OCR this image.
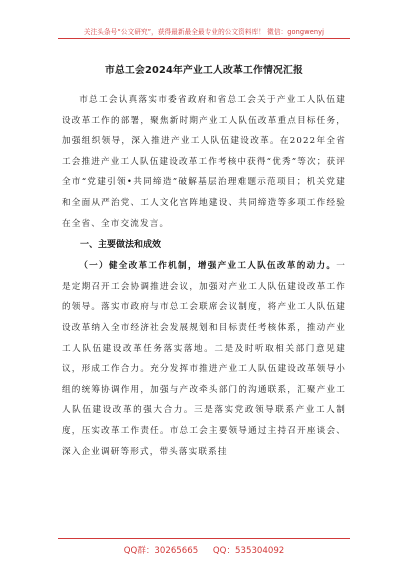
关注头条号“公文研究”，获得最新最全最专业的公文资料库！ 微信：gongwenyj
市总工会2024年产业工人改革工作情况汇报

市总工会认真落实市委省政府和省总工会关于产业工人队伍建设改革工作的部署，聚焦新时期产业工人队伍改革重点目标任务，加强组织领导，深入推进产业工人队伍建设改革。在2022年全省工会推进产业工人队伍建设改革工作考核中获得“优秀”等次；获评全市“党建引领•共同缔造”破解基层治理难题示范项目；机关党建和全面从严治党、工人文化宫阵地建设、共同缔造等多项工作经验在全省、全市交流发言。

一、主要做法和成效

（一）健全改革工作机制，增强产业工人队伍改革的动力。一是定期召开工会协调推进会议，加强对产业工人队伍建设改革工作的领导。落实市政府与市总工会联席会议制度，将产业工人队伍建设改革纳入全市经济社会发展规划和目标责任考核体系，推动产业工人队伍建设改革任务落实落地。二是及时听取相关部门意见建议，形成工作合力。充分发挥市推进产业工人队伍建设改革领导小组的统筹协调作用，加强与产改牵头部门的沟通联系，汇聚产业工人队伍建设改革的强大合力。三是落实党政领导联系产业工人制度，压实改革工作责任。市总工会主要领导通过主持召开座谈会、深入企业调研等形式，带头落实联系挂

QQ群：30265665 QQ：535304092
